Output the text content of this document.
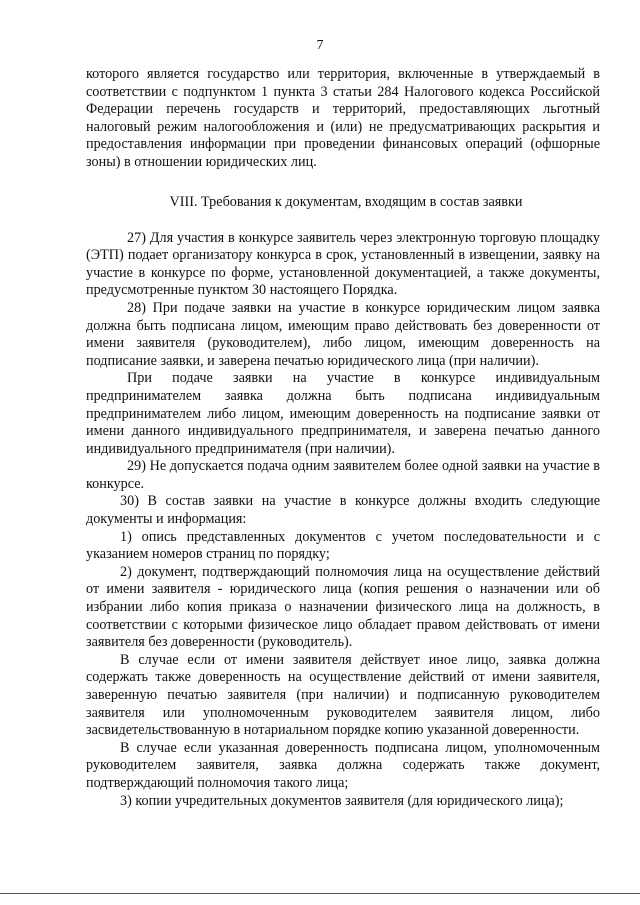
7

которого является государство или территория, включенные в утверждаемый в соответствии с подпунктом 1 пункта 3 статьи 284 Налогового кодекса Российской Федерации перечень государств и территорий, предоставляющих льготный налоговый режим налогообложения и (или) не предусматривающих раскрытия и предоставления информации при проведении финансовых операций (офшорные зоны) в отношении юридических лиц.

VIII. Требования к документам, входящим в состав заявки

27) Для участия в конкурсе заявитель через электронную торговую площадку (ЭТП) подает организатору конкурса в срок, установленный в извещении, заявку на участие в конкурсе по форме, установленной документацией, а также документы, предусмотренные пунктом 30 настоящего Порядка.

28) При подаче заявки на участие в конкурсе юридическим лицом заявка должна быть подписана лицом, имеющим право действовать без доверенности от имени заявителя (руководителем), либо лицом, имеющим доверенность на подписание заявки, и заверена печатью юридического лица (при наличии).

При подаче заявки на участие в конкурсе индивидуальным предпринимателем заявка должна быть подписана индивидуальным предпринимателем либо лицом, имеющим доверенность на подписание заявки от имени данного индивидуального предпринимателя, и заверена печатью данного индивидуального предпринимателя (при наличии).

29) Не допускается подача одним заявителем более одной заявки на участие в конкурсе.

30) В состав заявки на участие в конкурсе должны входить следующие документы и информация:

1) опись представленных документов с учетом последовательности и с указанием номеров страниц по порядку;

2) документ, подтверждающий полномочия лица на осуществление действий от имени заявителя - юридического лица (копия решения о назначении или об избрании либо копия приказа о назначении физического лица на должность, в соответствии с которыми физическое лицо обладает правом действовать от имени заявителя без доверенности (руководитель).

В случае если от имени заявителя действует иное лицо, заявка должна содержать также доверенность на осуществление действий от имени заявителя, заверенную печатью заявителя (при наличии) и подписанную руководителем заявителя или уполномоченным руководителем заявителя лицом, либо засвидетельствованную в нотариальном порядке копию указанной доверенности.

В случае если указанная доверенность подписана лицом, уполномоченным руководителем заявителя, заявка должна содержать также документ, подтверждающий полномочия такого лица;

3) копии учредительных документов заявителя (для юридического лица);
